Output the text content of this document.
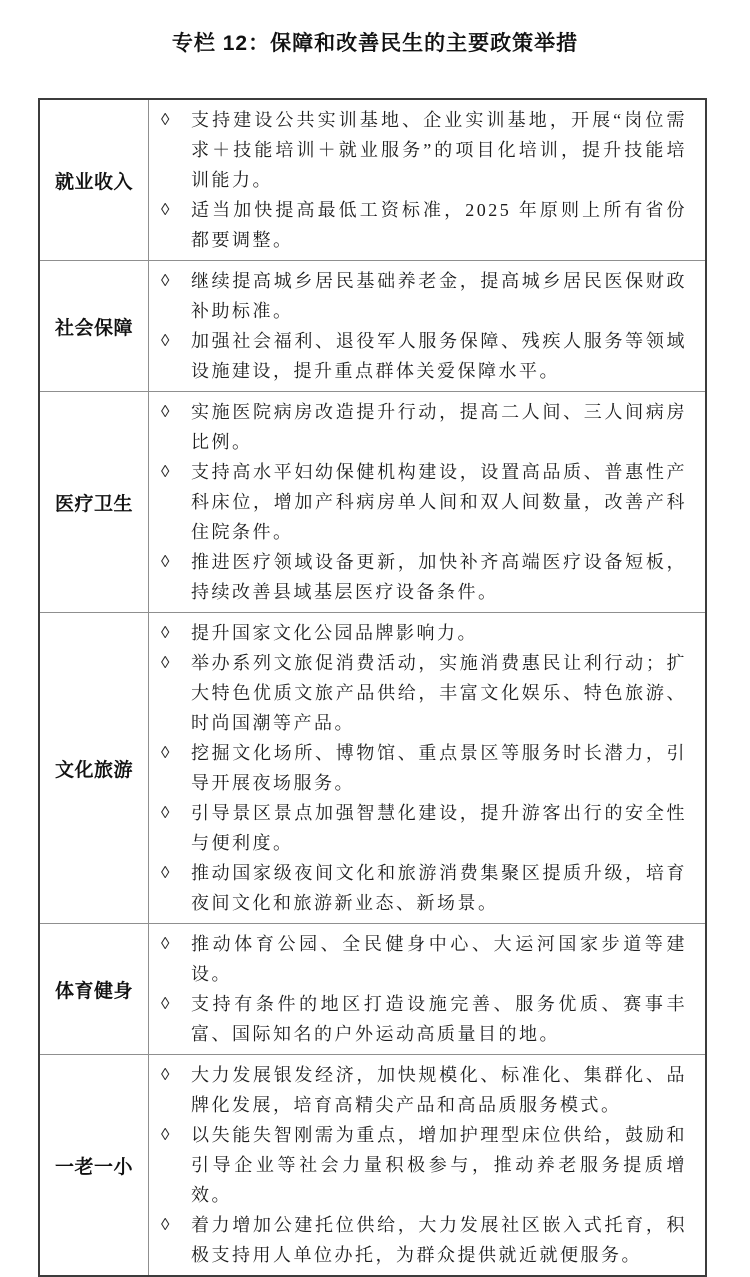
专栏 12：保障和改善民生的主要政策举措
就业收入
◊	支持建设公共实训基地、企业实训基地，开展“岗位需求＋技能培训＋就业服务”的项目化培训，提升技能培训能力。
◊	适当加快提高最低工资标准，2025 年原则上所有省份都要调整。
社会保障
◊	继续提高城乡居民基础养老金，提高城乡居民医保财政补助标准。
◊	加强社会福利、退役军人服务保障、残疾人服务等领域设施建设，提升重点群体关爱保障水平。
医疗卫生
◊	实施医院病房改造提升行动，提高二人间、三人间病房比例。
◊	支持高水平妇幼保健机构建设，设置高品质、普惠性产科床位，增加产科病房单人间和双人间数量，改善产科住院条件。
◊	推进医疗领域设备更新，加快补齐高端医疗设备短板，持续改善县域基层医疗设备条件。
文化旅游
◊	提升国家文化公园品牌影响力。
◊	举办系列文旅促消费活动，实施消费惠民让利行动；扩大特色优质文旅产品供给，丰富文化娱乐、特色旅游、时尚国潮等产品。
◊	挖掘文化场所、博物馆、重点景区等服务时长潜力，引导开展夜场服务。
◊	引导景区景点加强智慧化建设，提升游客出行的安全性与便利度。
◊	推动国家级夜间文化和旅游消费集聚区提质升级，培育夜间文化和旅游新业态、新场景。
体育健身
◊	推动体育公园、全民健身中心、大运河国家步道等建设。
◊	支持有条件的地区打造设施完善、服务优质、赛事丰富、国际知名的户外运动高质量目的地。
一老一小
◊	大力发展银发经济，加快规模化、标准化、集群化、品牌化发展，培育高精尖产品和高品质服务模式。
◊	以失能失智刚需为重点，增加护理型床位供给，鼓励和引导企业等社会力量积极参与，推动养老服务提质增效。
◊	着力增加公建托位供给，大力发展社区嵌入式托育，积极支持用人单位办托，为群众提供就近就便服务。
